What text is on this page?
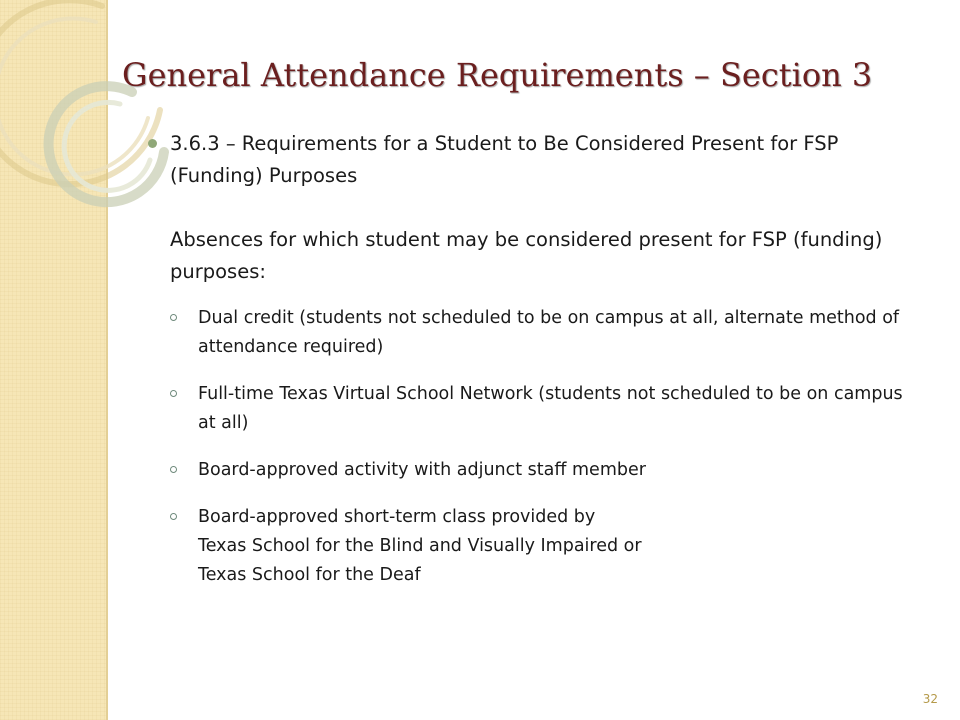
General Attendance Requirements – Section 3
3.6.3 – Requirements for a Student to Be Considered Present for FSP (Funding) Purposes
Absences for which student may be considered present for FSP (funding) purposes:
Dual credit (students not scheduled to be on campus at all, alternate method of attendance required)
Full-time Texas Virtual School Network (students not scheduled to be on campus at all)
Board-approved activity with adjunct staff member
Board-approved short-term class provided by
Texas School for the Blind and Visually Impaired or
Texas School for the Deaf
32
